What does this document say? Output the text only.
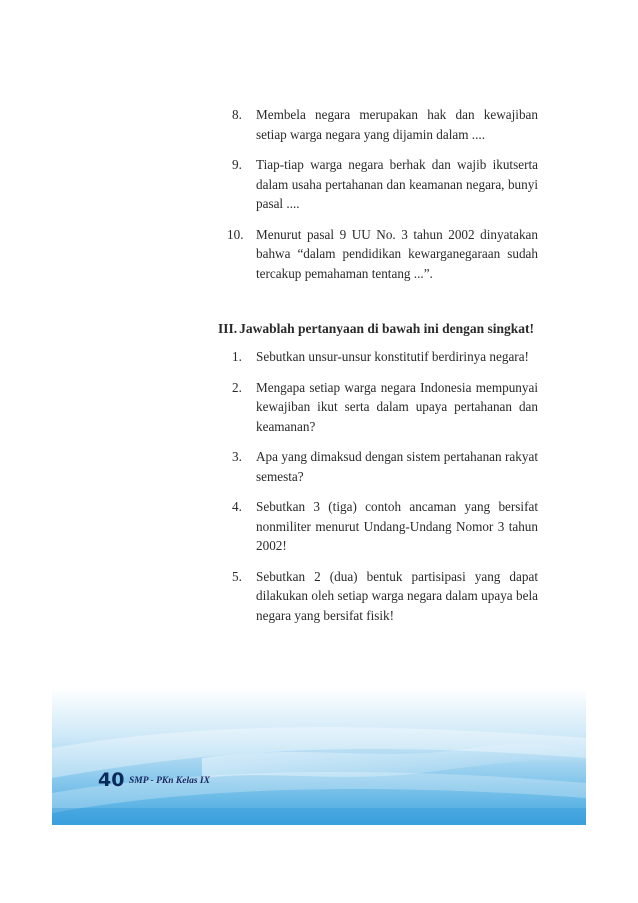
8. Membela negara merupakan hak dan kewajiban setiap warga negara yang dijamin dalam ....
9. Tiap-tiap warga negara berhak dan wajib ikutserta dalam usaha pertahanan dan keamanan negara, bunyi pasal ....
10. Menurut pasal 9 UU No. 3 tahun 2002 dinyatakan bahwa “dalam pendidikan kewarganegaraan sudah tercakup pemahaman tentang ...”.
III. Jawablah pertanyaan di bawah ini dengan singkat!
1. Sebutkan unsur-unsur konstitutif berdirinya negara!
2. Mengapa setiap warga negara Indonesia mempunyai kewajiban ikut serta dalam upaya pertahanan dan keamanan?
3. Apa yang dimaksud dengan sistem pertahanan rakyat semesta?
4. Sebutkan 3 (tiga) contoh ancaman yang bersifat nonmiliter menurut Undang-Undang Nomor 3 tahun 2002!
5. Sebutkan 2 (dua) bentuk partisipasi yang dapat dilakukan oleh setiap warga negara dalam upaya bela negara yang bersifat fisik!
40 SMP - PKn Kelas IX
